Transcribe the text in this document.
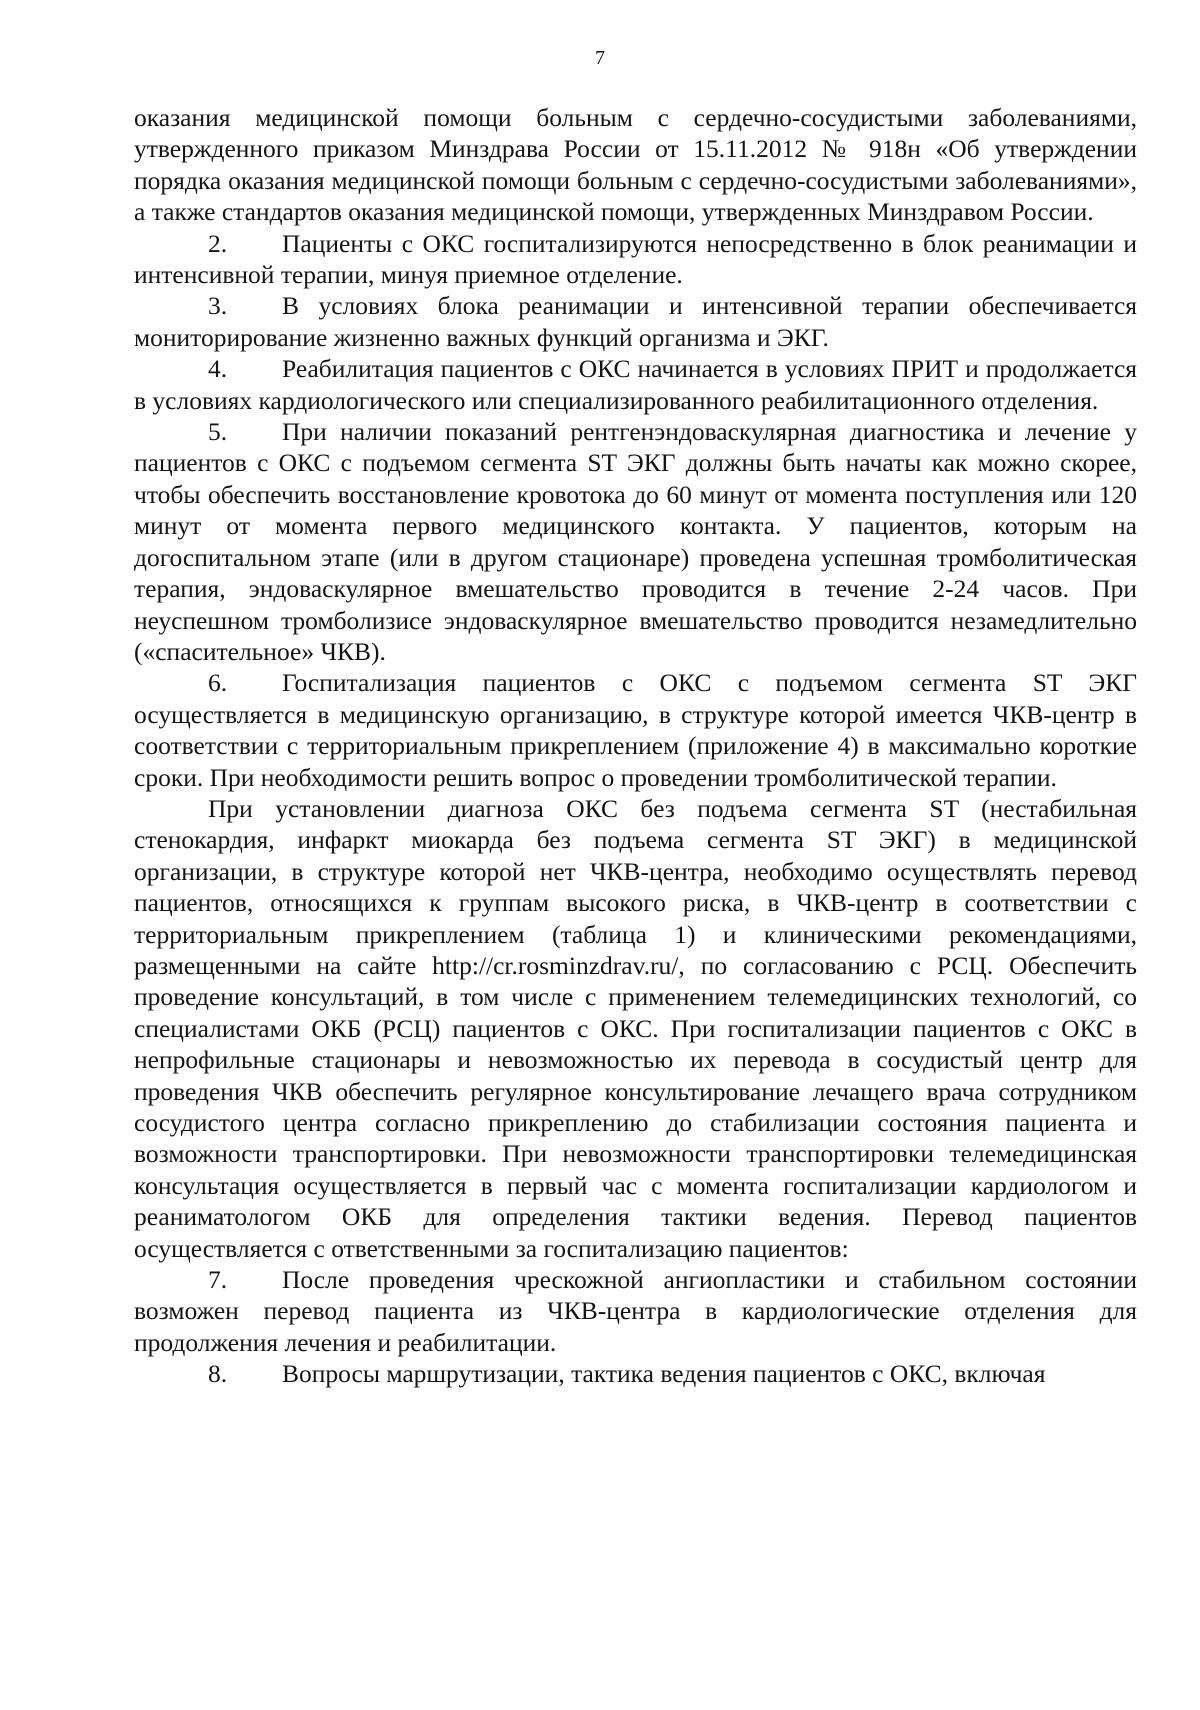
7

оказания медицинской помощи больным с сердечно-сосудистыми заболеваниями, утвержденного приказом Минздрава России от 15.11.2012 № 918н «Об утверждении порядка оказания медицинской помощи больным с сердечно-сосудистыми заболеваниями», а также стандартов оказания медицинской помощи, утвержденных Минздравом России.

2. Пациенты с ОКС госпитализируются непосредственно в блок реанимации и интенсивной терапии, минуя приемное отделение.

3. В условиях блока реанимации и интенсивной терапии обеспечивается мониторирование жизненно важных функций организма и ЭКГ.

4. Реабилитация пациентов с ОКС начинается в условиях ПРИТ и продолжается в условиях кардиологического или специализированного реабилитационного отделения.

5. При наличии показаний рентгенэндоваскулярная диагностика и лечение у пациентов с ОКС с подъемом сегмента ST ЭКГ должны быть начаты как можно скорее, чтобы обеспечить восстановление кровотока до 60 минут от момента поступления или 120 минут от момента первого медицинского контакта. У пациентов, которым на догоспитальном этапе (или в другом стационаре) проведена успешная тромболитическая терапия, эндоваскулярное вмешательство проводится в течение 2-24 часов. При неуспешном тромболизисе эндоваскулярное вмешательство проводится незамедлительно («спасительное» ЧКВ).

6. Госпитализация пациентов с ОКС с подъемом сегмента ST ЭКГ осуществляется в медицинскую организацию, в структуре которой имеется ЧКВ-центр в соответствии с территориальным прикреплением (приложение 4) в максимально короткие сроки. При необходимости решить вопрос о проведении тромболитической терапии.

При установлении диагноза ОКС без подъема сегмента ST (нестабильная стенокардия, инфаркт миокарда без подъема сегмента ST ЭКГ) в медицинской организации, в структуре которой нет ЧКВ-центра, необходимо осуществлять перевод пациентов, относящихся к группам высокого риска, в ЧКВ-центр в соответствии с территориальным прикреплением (таблица 1) и клиническими рекомендациями, размещенными на сайте http://cr.rosminzdrav.ru/, по согласованию с РСЦ. Обеспечить проведение консультаций, в том числе с применением телемедицинских технологий, со специалистами ОКБ (РСЦ) пациентов с ОКС. При госпитализации пациентов с ОКС в непрофильные стационары и невозможностью их перевода в сосудистый центр для проведения ЧКВ обеспечить регулярное консультирование лечащего врача сотрудником сосудистого центра согласно прикреплению до стабилизации состояния пациента и возможности транспортировки. При невозможности транспортировки телемедицинская консультация осуществляется в первый час с момента госпитализации кардиологом и реаниматологом ОКБ для определения тактики ведения. Перевод пациентов осуществляется с ответственными за госпитализацию пациентов:

7. После проведения чрескожной ангиопластики и стабильном состоянии возможен перевод пациента из ЧКВ-центра в кардиологические отделения для продолжения лечения и реабилитации.

8. Вопросы маршрутизации, тактика ведения пациентов с ОКС, включая
